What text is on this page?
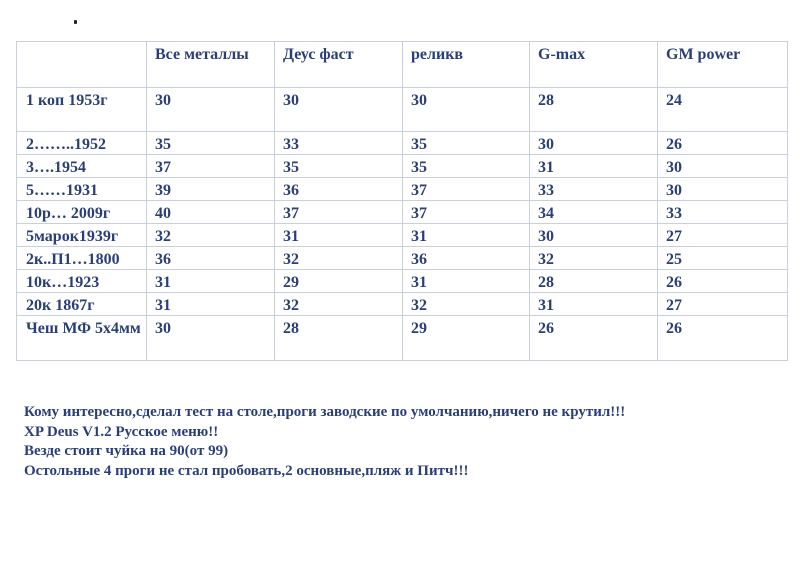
	Все металлы	Деус фаст	реликв	G-max	GM power
1 коп 1953г	30	30	30	28	24
2……..1952	35	33	35	30	26
3….1954	37	35	35	31	30
5……1931	39	36	37	33	30
10р… 2009г	40	37	37	34	33
5марок1939г	32	31	31	30	27
2к..П1…1800	36	32	36	32	25
10к…1923	31	29	31	28	26
20к 1867г	31	32	32	31	27
Чеш МФ 5х4мм	30	28	29	26	26
Кому интересно,сделал тест на столе,проги заводские по умолчанию,ничего не крутил!!!
XP Deus V1.2 Русское меню!!
Везде стоит чуйка на 90(от 99)
Остольные 4 проги не стал пробовать,2 основные,пляж и Питч!!!
